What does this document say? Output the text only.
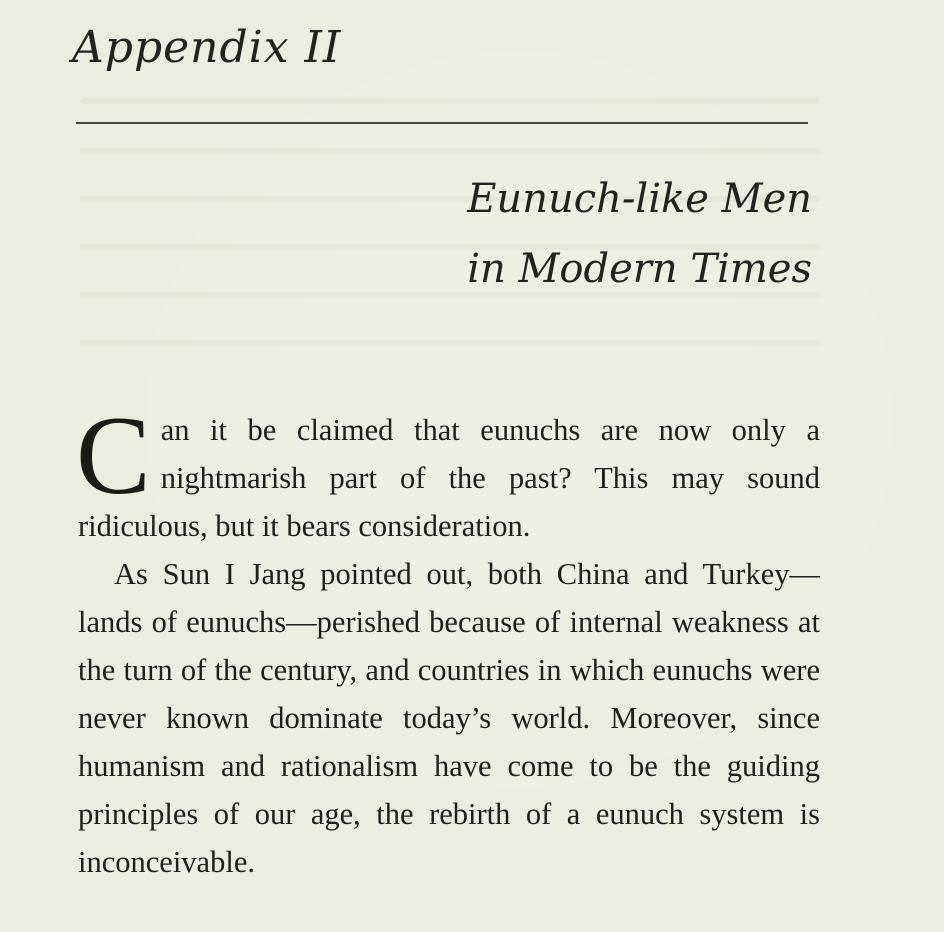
Appendix II
Eunuch-like Men
in Modern Times

Can it be claimed that eunuchs are now only a nightmarish part of the past? This may sound ridiculous, but it bears consideration.

As Sun I Jang pointed out, both China and Turkey—lands of eunuchs—perished because of internal weakness at the turn of the century, and countries in which eunuchs were never known dominate today’s world. Moreover, since humanism and rationalism have come to be the guiding principles of our age, the rebirth of a eunuch system is inconceivable.
